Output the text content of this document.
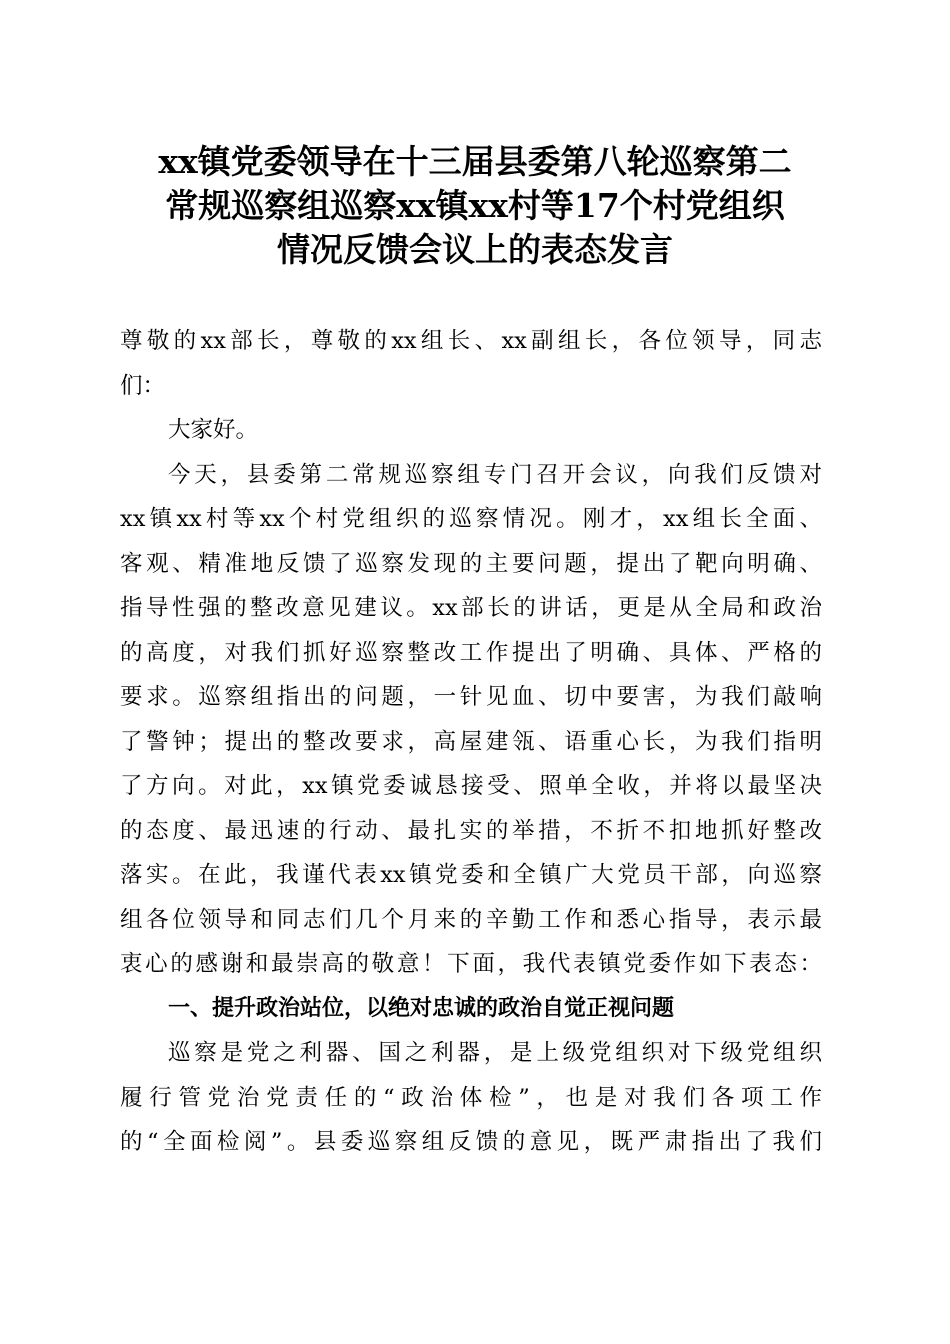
xx镇党委领导在十三届县委第八轮巡察第二
常规巡察组巡察xx镇xx村等17个村党组织
情况反馈会议上的表态发言
尊敬的xx部长，尊敬的xx组长、xx副组长，各位领导，同志
们：
大家好。
今天，县委第二常规巡察组专门召开会议，向我们反馈对
xx镇xx村等xx个村党组织的巡察情况。刚才，xx组长全面、
客观、精准地反馈了巡察发现的主要问题，提出了靶向明确、
指导性强的整改意见建议。xx部长的讲话，更是从全局和政治
的高度，对我们抓好巡察整改工作提出了明确、具体、严格的
要求。巡察组指出的问题，一针见血、切中要害，为我们敲响
了警钟；提出的整改要求，高屋建瓴、语重心长，为我们指明
了方向。对此，xx镇党委诚恳接受、照单全收，并将以最坚决
的态度、最迅速的行动、最扎实的举措，不折不扣地抓好整改
落实。在此，我谨代表xx镇党委和全镇广大党员干部，向巡察
组各位领导和同志们几个月来的辛勤工作和悉心指导，表示最
衷心的感谢和最崇高的敬意！下面，我代表镇党委作如下表态：
一、提升政治站位，以绝对忠诚的政治自觉正视问题
巡察是党之利器、国之利器，是上级党组织对下级党组织
履行管党治党责任的“政治体检”，也是对我们各项工作
的“全面检阅”。县委巡察组反馈的意见，既严肃指出了我们
